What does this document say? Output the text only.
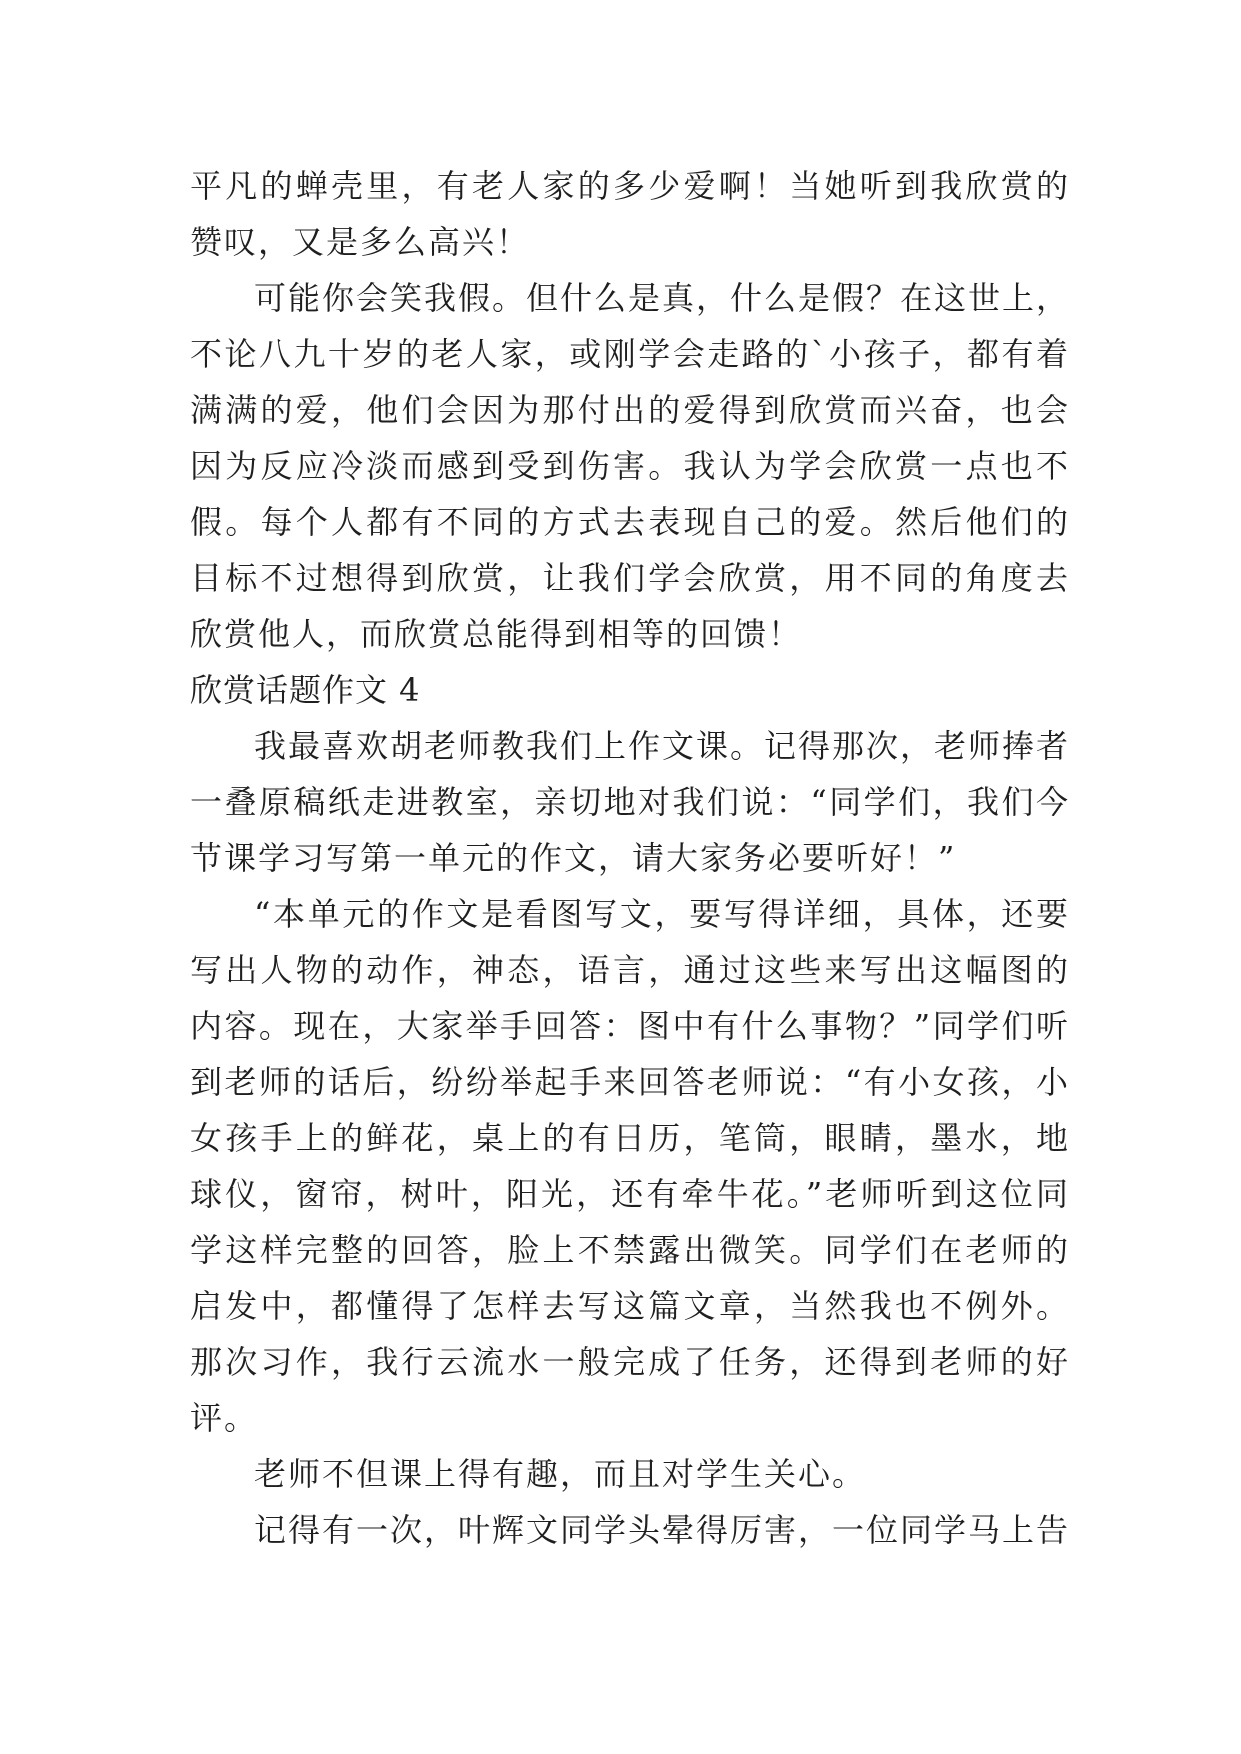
平凡的蝉壳里，有老人家的多少爱啊！当她听到我欣赏的赞叹，又是多么高兴！

可能你会笑我假。但什么是真，什么是假？在这世上，不论八九十岁的老人家，或刚学会走路的`小孩子，都有着满满的爱，他们会因为那付出的爱得到欣赏而兴奋，也会因为反应冷淡而感到受到伤害。我认为学会欣赏一点也不假。每个人都有不同的方式去表现自己的爱。然后他们的目标不过想得到欣赏，让我们学会欣赏，用不同的角度去欣赏他人，而欣赏总能得到相等的回馈！

欣赏话题作文 4

我最喜欢胡老师教我们上作文课。记得那次，老师捧者一叠原稿纸走进教室，亲切地对我们说：“同学们，我们今节课学习写第一单元的作文，请大家务必要听好！”

“本单元的作文是看图写文，要写得详细，具体，还要写出人物的动作，神态，语言，通过这些来写出这幅图的内容。现在，大家举手回答：图中有什么事物？”同学们听到老师的话后，纷纷举起手来回答老师说：“有小女孩，小女孩手上的鲜花，桌上的有日历，笔筒，眼睛，墨水，地球仪，窗帘，树叶，阳光，还有牵牛花。”老师听到这位同学这样完整的回答，脸上不禁露出微笑。同学们在老师的启发中，都懂得了怎样去写这篇文章，当然我也不例外。那次习作，我行云流水一般完成了任务，还得到老师的好评。

老师不但课上得有趣，而且对学生关心。

记得有一次，叶辉文同学头晕得厉害，一位同学马上告
